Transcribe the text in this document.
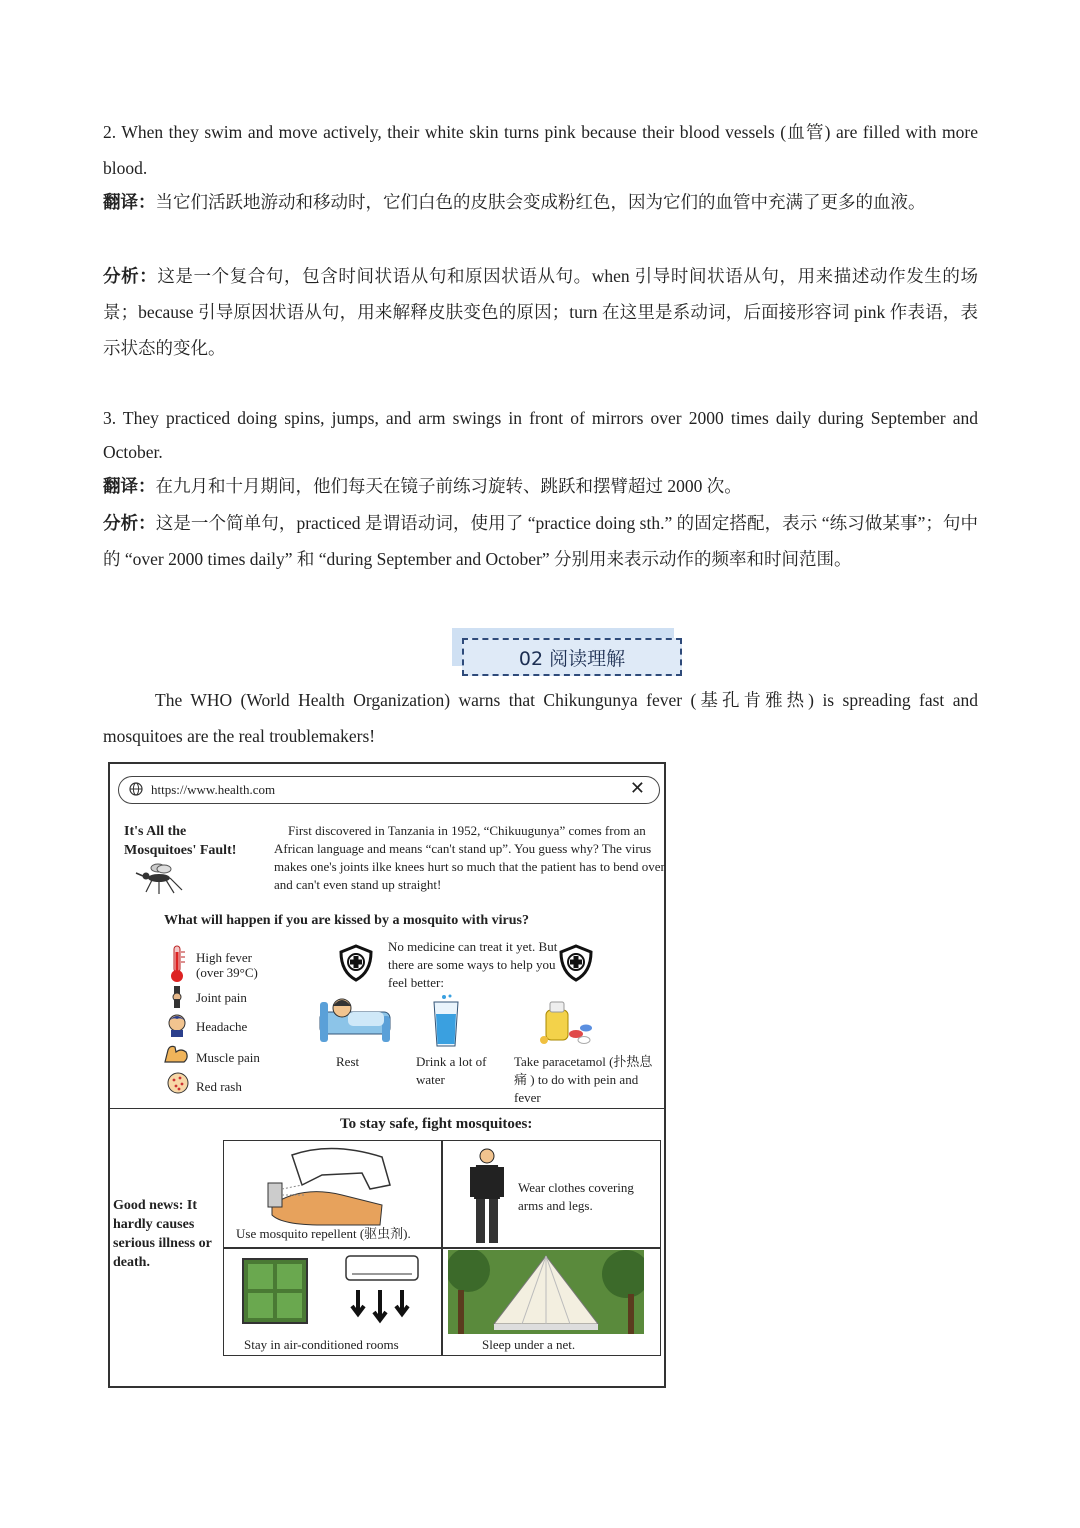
2. When they swim and move actively, their white skin turns pink because their blood vessels (血管) are filled with more blood.
翻译：当它们活跃地游动和移动时，它们白色的皮肤会变成粉红色，因为它们的血管中充满了更多的血液。
分析：这是一个复合句，包含时间状语从句和原因状语从句。when 引导时间状语从句，用来描述动作发生的场景；because 引导原因状语从句，用来解释皮肤变色的原因；turn 在这里是系动词，后面接形容词 pink 作表语，表示状态的变化。
3. They practiced doing spins, jumps, and arm swings in front of mirrors over 2000 times daily during September and October.
翻译：在九月和十月期间，他们每天在镜子前练习旋转、跳跃和摆臂超过 2000 次。
分析：这是一个简单句，practiced 是谓语动词，使用了 “practice doing sth.” 的固定搭配，表示 “练习做某事”；句中的 “over 2000 times daily” 和 “during September and October” 分别用来表示动作的频率和时间范围。
02 阅读理解
The WHO (World Health Organization) warns that Chikungunya fever (基孔肯雅热) is spreading fast and mosquitoes are the real troublemakers!
https://www.health.com	✕
It's All the Mosquitoes' Fault!
First discovered in Tanzania in 1952, “Chikuugunya” comes from an African language and means “can't stand up”. You guess why? The virus makes one's joints ilke knees hurt so much that the patient has to bend over and can't even stand up straight!
What will happen if you are kissed by a mosquito with virus?
High fever
(over 39°C)
Joint pain
Headache
Muscle pain
Red rash
No medicine can treat it yet. But there are some ways to help you feel better:
Rest	Drink a lot of water
Take paracetamol (扑热息痛 ) to do with pein and fever
To stay safe, fight mosquitoes:
Good news: It hardly causes serious illness or death.
Use mosquito repellent (驱虫剂).
Wear clothes covering arms and legs.
Stay in air-conditioned rooms	Sleep under a net.
